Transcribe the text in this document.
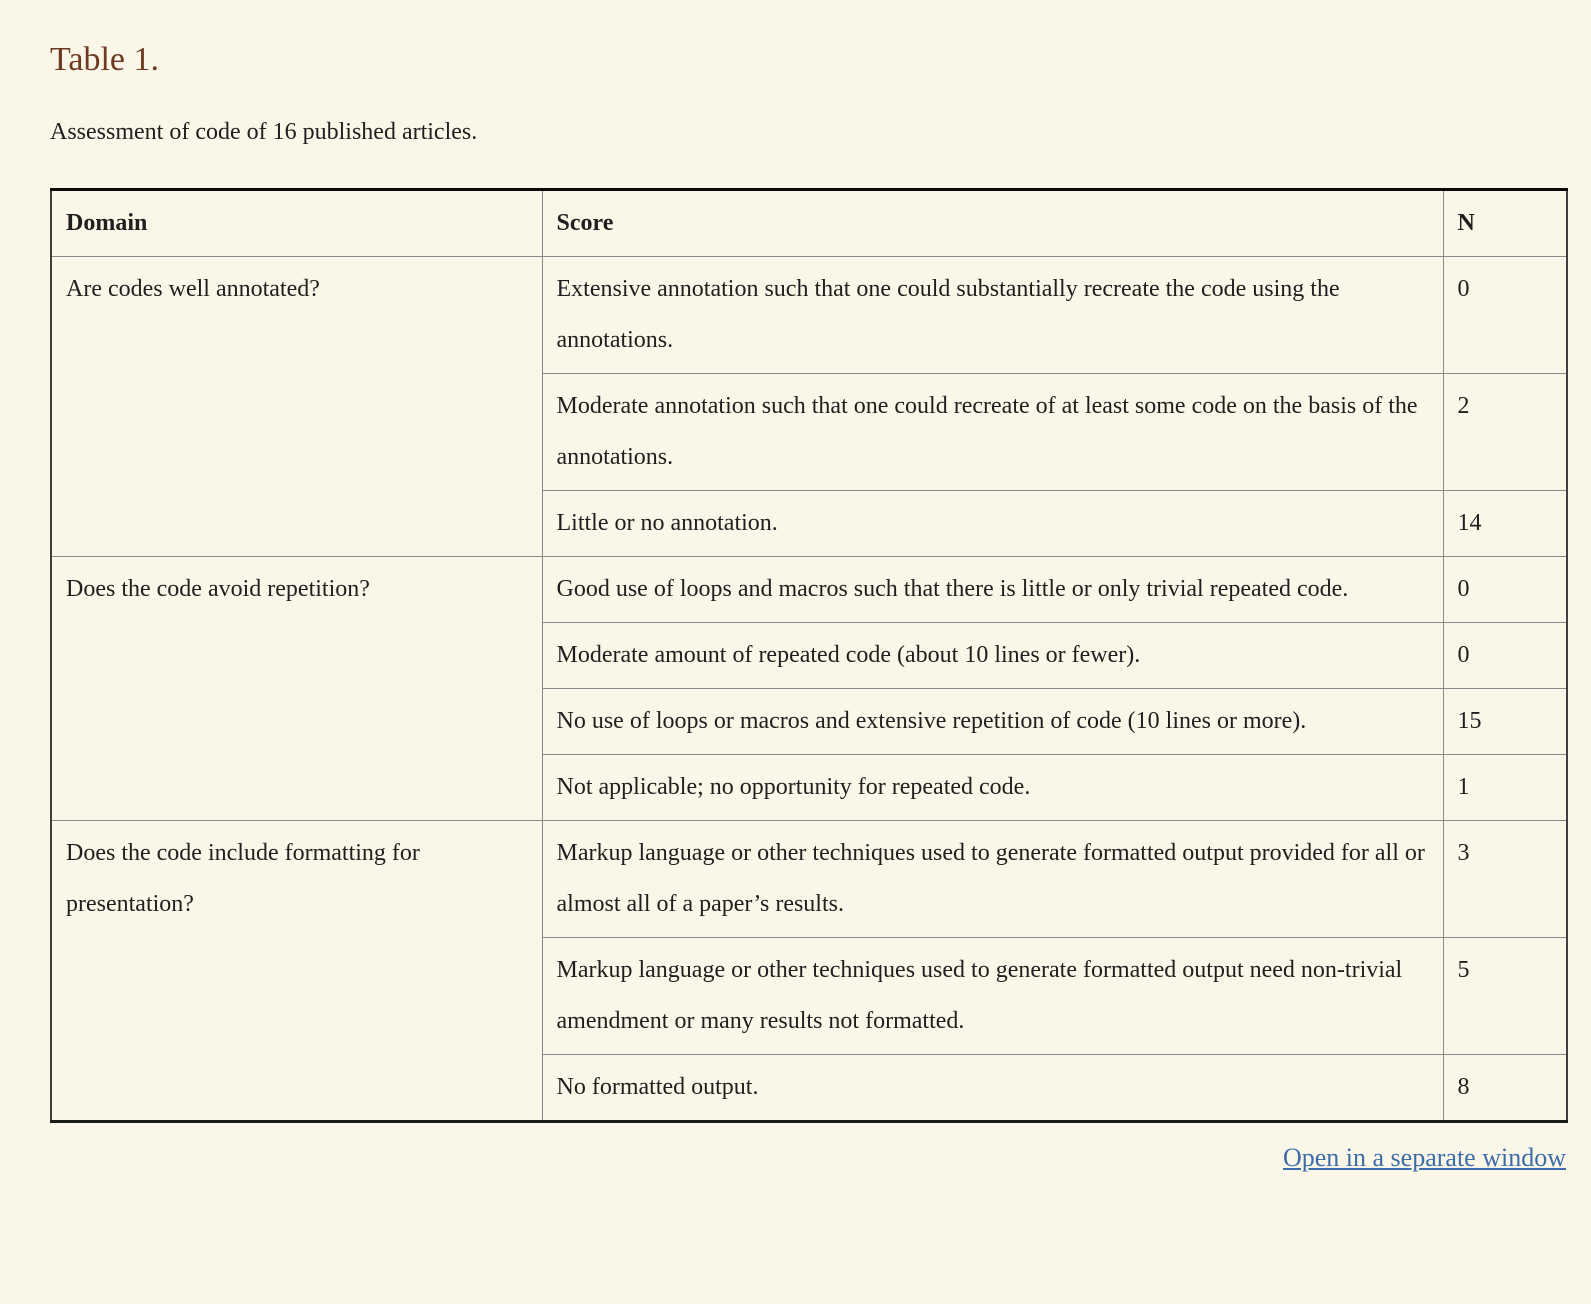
Table 1.

Assessment of code of 16 published articles.

Domain	Score	N
Are codes well annotated?	Extensive annotation such that one could substantially recreate the code using the annotations.	0
	Moderate annotation such that one could recreate of at least some code on the basis of the annotations.	2
	Little or no annotation.	14
Does the code avoid repetition?	Good use of loops and macros such that there is little or only trivial repeated code.	0
	Moderate amount of repeated code (about 10 lines or fewer).	0
	No use of loops or macros and extensive repetition of code (10 lines or more).	15
	Not applicable; no opportunity for repeated code.	1
Does the code include formatting for presentation?	Markup language or other techniques used to generate formatted output provided for all or almost all of a paper’s results.	3
	Markup language or other techniques used to generate formatted output need non-trivial amendment or many results not formatted.	5
	No formatted output.	8
Open in a separate window
